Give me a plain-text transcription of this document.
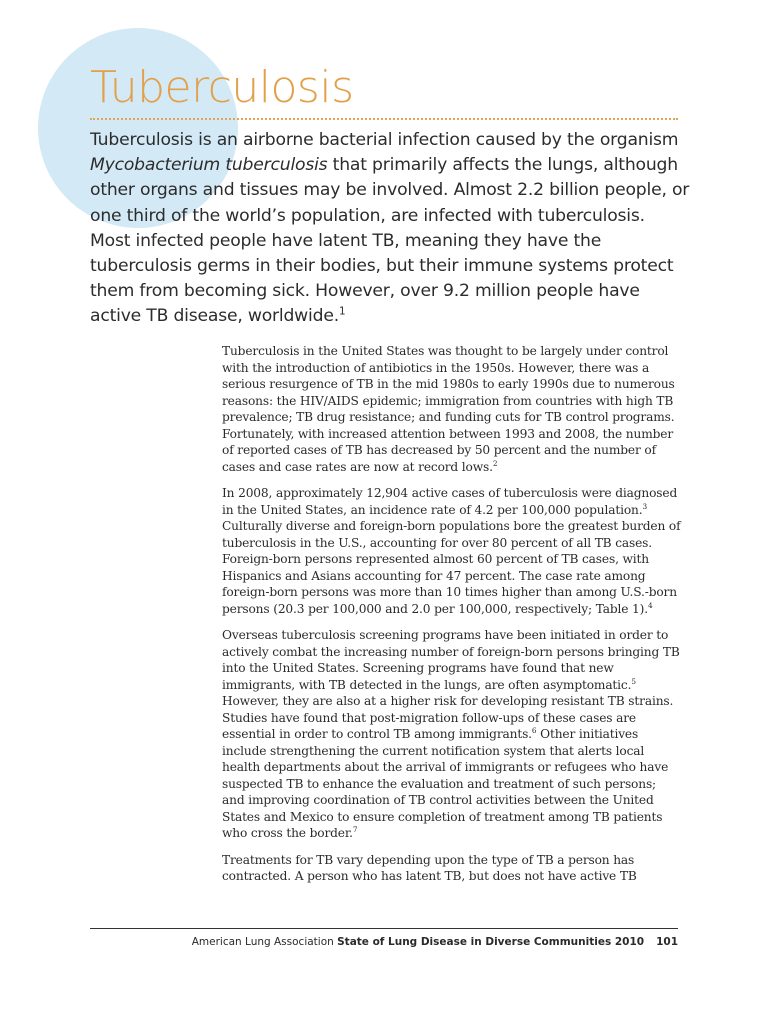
Tuberculosis

Tuberculosis is an airborne bacterial infection caused by the organism Mycobacterium tuberculosis that primarily affects the lungs, although other organs and tissues may be involved. Almost 2.2 billion people, or one third of the world’s population, are infected with tuberculosis. Most infected people have latent TB, meaning they have the tuberculosis germs in their bodies, but their immune systems protect them from becoming sick. However, over 9.2 million people have active TB disease, worldwide.$^1$

Tuberculosis in the United States was thought to be largely under control with the introduction of antibiotics in the 1950s. However, there was a serious resurgence of TB in the mid 1980s to early 1990s due to numerous reasons: the HIV/AIDS epidemic; immigration from countries with high TB prevalence; TB drug resistance; and funding cuts for TB control programs. Fortunately, with increased attention between 1993 and 2008, the number of reported cases of TB has decreased by 50 percent and the number of cases and case rates are now at record lows.$^2$

In 2008, approximately 12,904 active cases of tuberculosis were diagnosed in the United States, an incidence rate of 4.2 per 100,000 population.$^3$ Culturally diverse and foreign-born populations bore the greatest burden of tuberculosis in the U.S., accounting for over 80 percent of all TB cases. Foreign-born persons represented almost 60 percent of TB cases, with Hispanics and Asians accounting for 47 percent. The case rate among foreign-born persons was more than 10 times higher than among U.S.-born persons (20.3 per 100,000 and 2.0 per 100,000, respectively; Table 1).$^4$

Overseas tuberculosis screening programs have been initiated in order to actively combat the increasing number of foreign-born persons bringing TB into the United States. Screening programs have found that new immigrants, with TB detected in the lungs, are often asymptomatic.$^5$ However, they are also at a higher risk for developing resistant TB strains. Studies have found that post-migration follow-ups of these cases are essential in order to control TB among immigrants.$^6$ Other initiatives include strengthening the current notification system that alerts local health departments about the arrival of immigrants or refugees who have suspected TB to enhance the evaluation and treatment of such persons; and improving coordination of TB control activities between the United States and Mexico to ensure completion of treatment among TB patients who cross the border.$^7$

Treatments for TB vary depending upon the type of TB a person has contracted. A person who has latent TB, but does not have active TB

American Lung Association State of Lung Disease in Diverse Communities 2010 101
